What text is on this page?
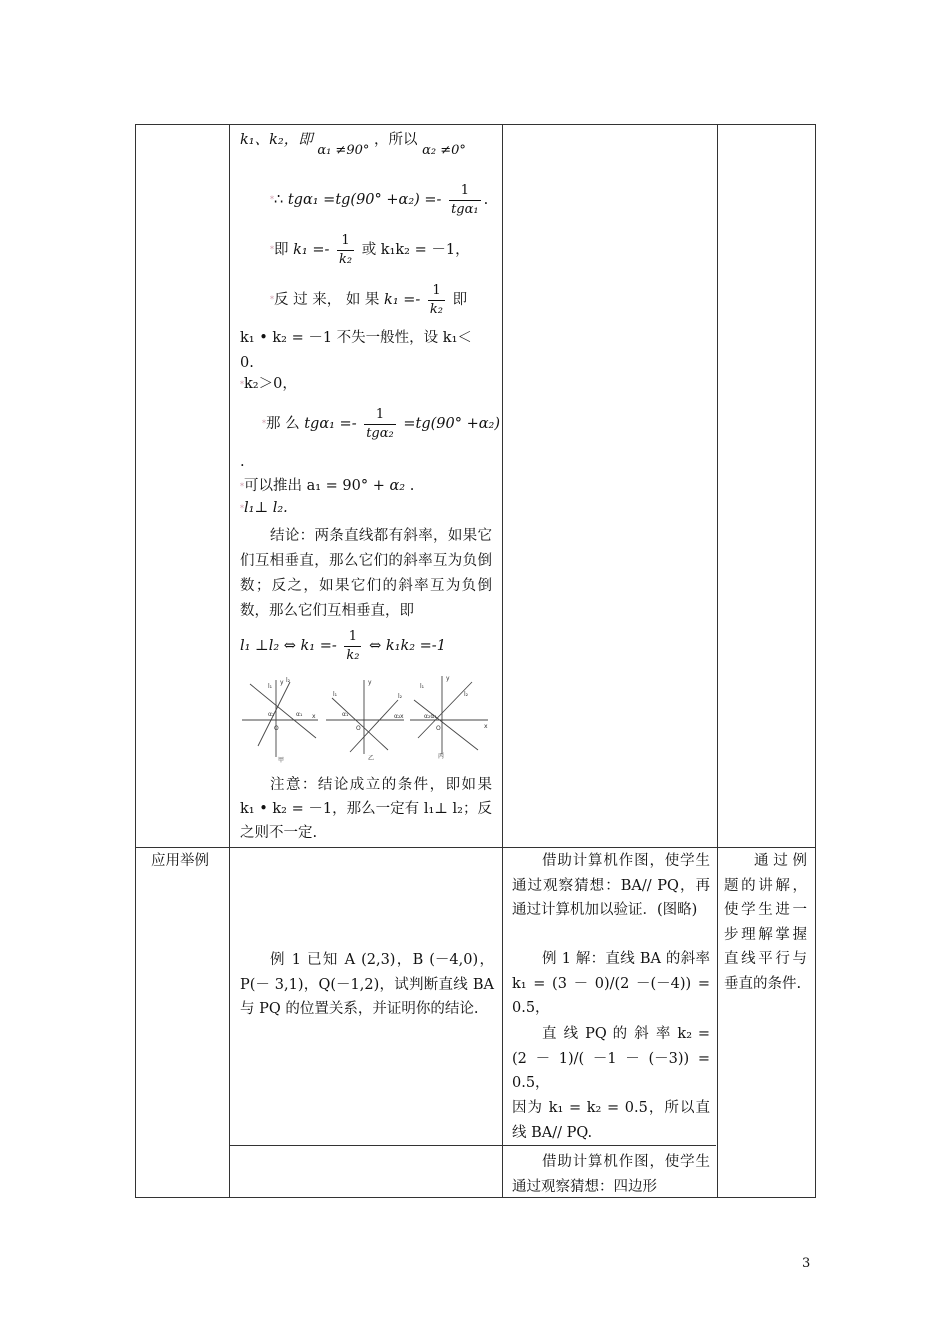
k₁、k₂，即 α₁ ≠90° ，所以 α₂ ≠0°
*∴ $tg\alpha_1 =tg(90^\circ +\alpha_2) =- \frac{1}{\text{tgα₁}}$ .
*即 $k_1 =- \frac{1}{\text{k₂}}$ 或 k₁k₂ = －1，
*反 过 来， 如 果 $k_1 =- \frac{1}{\text{k₂}}$ 即
k₁ • k₂ = －1 不失一般性，设 k₁＜
0.
*k₂＞0，
*那 么 $tg\alpha_1 =- \frac{1}{\text{tgα₂}} =tg(90^\circ +\alpha_2)$
.
*可以推出 a₁ = 90° + α₂ .
*l₁⊥ l₂.
结论：两条直线都有斜率，如果它们互相垂直，那么它们的斜率互为负倒数；反之，如果它们的斜率互为负倒数，那么它们互相垂直，即
l₁ ⊥l₂ ⇔ $k_1 =- \frac{1}{\text{k₂}}$ ⇔ k₁k₂ =-1
l₁
y l₂
O
x
α₁
α₂
甲
l₁
y
l₂
O
x
α₁	α₂
乙
l₁
y
l₂
O	x
α₂α₁
丙
注意：结论成立的条件，即如果 k₁ • k₂ = －1，那么一定有 l₁⊥ l₂；反之则不一定.
应用举例
例 1 已知 A (2,3)，B (－4,0)，P(－ 3,1)，Q(－1,2)，试判断直线 BA 与 PQ 的位置关系，并证明你的结论.
借助计算机作图，使学生通过观察猜想：BA// PQ，再通过计算机加以验证．(图略)
例 1 解：直线 BA 的斜率 k₁ = (3 － 0)/(2 －(－4)) = 0.5，
直 线 PQ 的 斜 率 k₂ = (2 － 1)/( －1 － (－3)) = 0.5，
因为 k₁ = k₂ = 0.5，所以直线 BA// PQ.
通过例题的讲解，使学生进一步理解掌握直线平行与垂直的条件.
借助计算机作图，使学生通过观察猜想：四边形
3
